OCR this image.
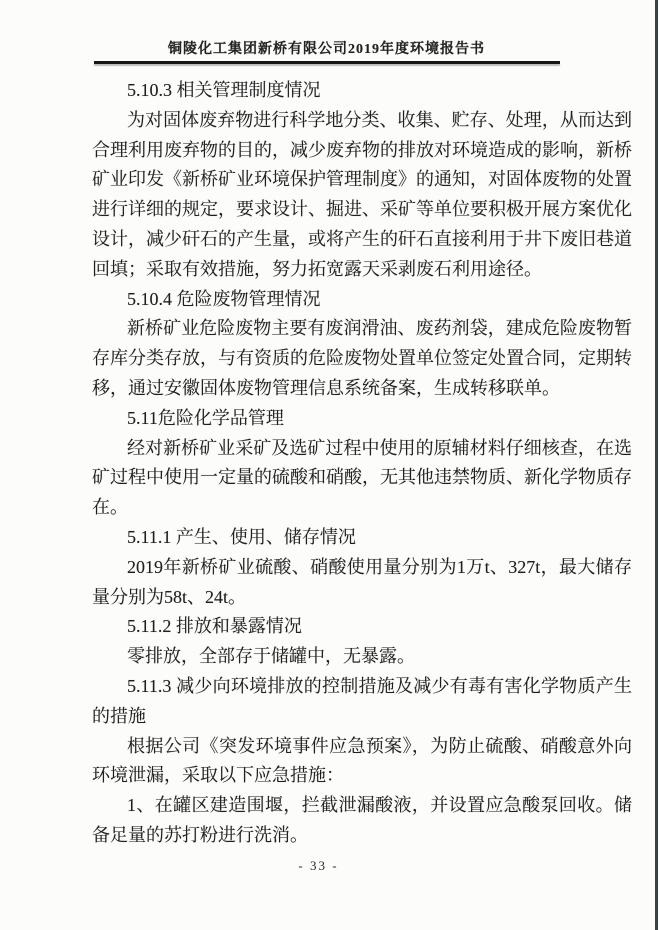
铜陵化工集团新桥有限公司2019年度环境报告书
5.10.3 相关管理制度情况
为对固体废弃物进行科学地分类、收集、贮存、处理，从而达到
合理利用废弃物的目的，减少废弃物的排放对环境造成的影响，新桥
矿业印发《新桥矿业环境保护管理制度》的通知，对固体废物的处置
进行详细的规定，要求设计、掘进、采矿等单位要积极开展方案优化
设计，减少矸石的产生量，或将产生的矸石直接利用于井下废旧巷道
回填；采取有效措施，努力拓宽露天采剥废石利用途径。
5.10.4 危险废物管理情况
新桥矿业危险废物主要有废润滑油、废药剂袋，建成危险废物暂
存库分类存放，与有资质的危险废物处置单位签定处置合同，定期转
移，通过安徽固体废物管理信息系统备案，生成转移联单。
5.11危险化学品管理
经对新桥矿业采矿及选矿过程中使用的原辅材料仔细核查，在选
矿过程中使用一定量的硫酸和硝酸，无其他违禁物质、新化学物质存
在。
5.11.1 产生、使用、储存情况
2019年新桥矿业硫酸、硝酸使用量分别为1万t、327t，最大储存
量分别为58t、24t。
5.11.2 排放和暴露情况
零排放，全部存于储罐中，无暴露。
5.11.3 减少向环境排放的控制措施及减少有毒有害化学物质产生
的措施
根据公司《突发环境事件应急预案》，为防止硫酸、硝酸意外向
环境泄漏，采取以下应急措施：
1、在罐区建造围堰，拦截泄漏酸液，并设置应急酸泵回收。储
备足量的苏打粉进行洗消。
- 33 -
